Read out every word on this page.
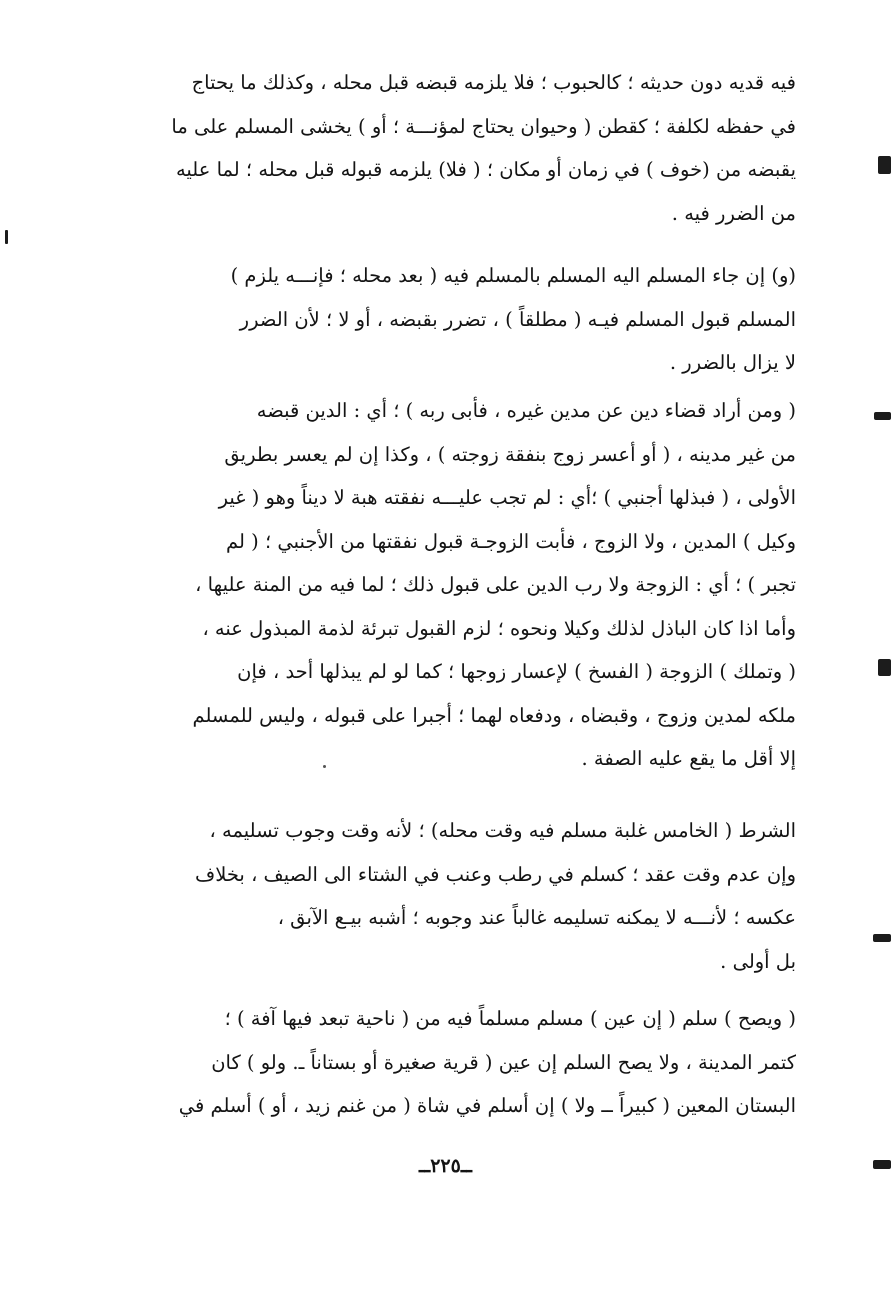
فيه قديه دون حديثه ؛ كالحبوب ؛ فلا يلزمه قبضه قبل محله ، وكذلك ما يحتاج
في حفظه لكلفة ؛ كقطن ( وحيوان يحتاج لمؤنـــة ؛ أو ) يخشى المسلم على ما
يقبضه من (خوف ) في زمان أو مكان ؛ ( فلا) يلزمه قبوله قبل محله ؛ لما عليه
من الضرر فيه .

(و) إن جاء المسلم اليه المسلم بالمسلم فيه ( بعد محله ؛ فإنـــه يلزم )
المسلم قبول المسلم فيـه ( مطلقاً ) ، تضرر بقبضه ، أو لا ؛ لأن الضرر
لا يزال بالضرر .

( ومن أراد قضاء دين عن مدين غيره ، فأبى ربه ) ؛ أي : الدين قبضه
من غير مدينه ، ( أو أعسر زوج بنفقة زوجته ) ، وكذا إن لم يعسر بطريق
الأولى ، ( فبذلها أجنبي ) ؛أي : لم تجب عليـــه نفقته هبة لا ديناً وهو ( غير
وكيل ) المدين ، ولا الزوج ، فأبت الزوجـة قبول نفقتها من الأجنبي ؛ ( لم
تجبر ) ؛ أي : الزوجة ولا رب الدين على قبول ذلك ؛ لما فيه من المنة عليها ،
وأما اذا كان الباذل لذلك وكيلا ونحوه ؛ لزم القبول تبرئة لذمة المبذول عنه ،
( وتملك ) الزوجة ( الفسخ ) لإعسار زوجها ؛ كما لو لم يبذلها أحد ، فإن
ملكه لمدين وزوج ، وقبضاه ، ودفعاه لهما ؛ أجبرا على قبوله ، وليس للمسلم
إلا أقل ما يقع عليه الصفة .

الشرط ( الخامس غلبة مسلم فيه وقت محله) ؛ لأنه وقت وجوب تسليمه ،
وإن عدم وقت عقد ؛ كسلم في رطب وعنب في الشتاء الى الصيف ، بخلاف
عكسه ؛ لأنـــه لا يمكنه تسليمه غالباً عند وجوبه ؛ أشبه بيـع الآبق ،
بل أولى .

( ويصح ) سلم ( إن عين ) مسلم مسلماً فيه من ( ناحية تبعد فيها آفة ) ؛
كتمر المدينة ، ولا يصح السلم إن عين ( قرية صغيرة أو بستاناً ـ. ولو ) كان
البستان المعين ( كبيراً ــ ولا ) إن أسلم في شاة ( من غنم زيد ، أو ) أسلم في

ــ٢٢٥ــ
